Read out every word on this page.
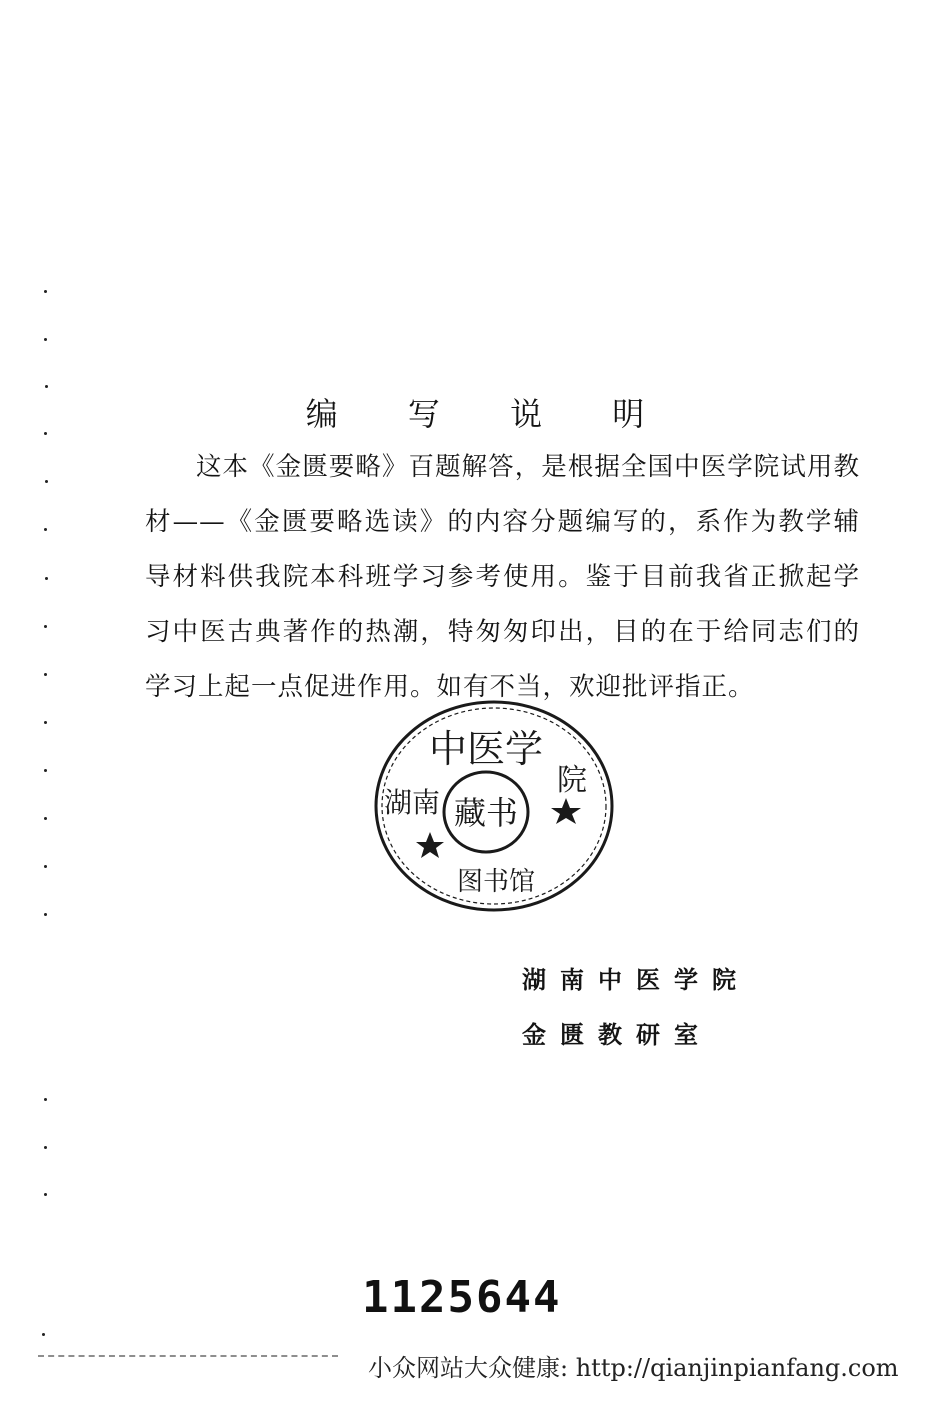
编 写 说 明

这本《金匮要略》百题解答，是根据全国中医学院试用教材——《金匮要略选读》的内容分题编写的，系作为教学辅导材料供我院本科班学习参考使用。鉴于目前我省正掀起学习中医古典著作的热潮，特匆匆印出，目的在于给同志们的学习上起一点促进作用。如有不当，欢迎批评指正。

中医学
湖南
院
图书馆
藏书
湖南中医学院
金匮教研室
1125644
小众网站大众健康: http://qianjinpianfang.com
